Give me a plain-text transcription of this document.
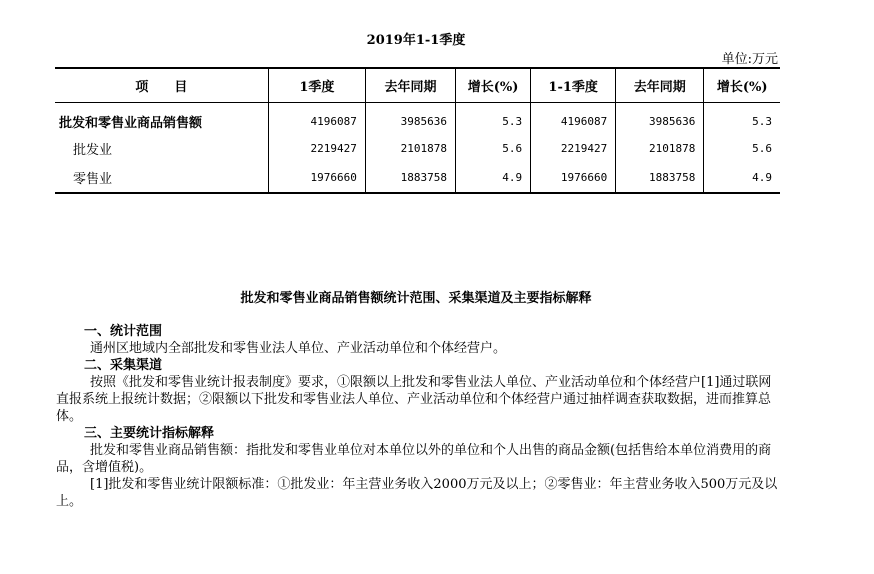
2019年1-1季度
单位:万元
项　　目	1季度	去年同期	增长(%)	1-1季度	去年同期	增长(%)
批发和零售业商品销售额	4196087	3985636	5.3	4196087	3985636	5.3
批发业	2219427	2101878	5.6	2219427	2101878	5.6
零售业	1976660	1883758	4.9	1976660	1883758	4.9
批发和零售业商品销售额统计范围、采集渠道及主要指标解释
一、统计范围
通州区地域内全部批发和零售业法人单位、产业活动单位和个体经营户。
二、采集渠道
按照《批发和零售业统计报表制度》要求，①限额以上批发和零售业法人单位、产业活动单位和个体经营户[1]通过联网直报系统上报统计数据；②限额以下批发和零售业法人单位、产业活动单位和个体经营户通过抽样调查获取数据，进而推算总体。
三、主要统计指标解释
批发和零售业商品销售额：指批发和零售业单位对本单位以外的单位和个人出售的商品金额(包括售给本单位消费用的商品，含增值税)。
[1]批发和零售业统计限额标准：①批发业：年主营业务收入2000万元及以上；②零售业：年主营业务收入500万元及以上。
